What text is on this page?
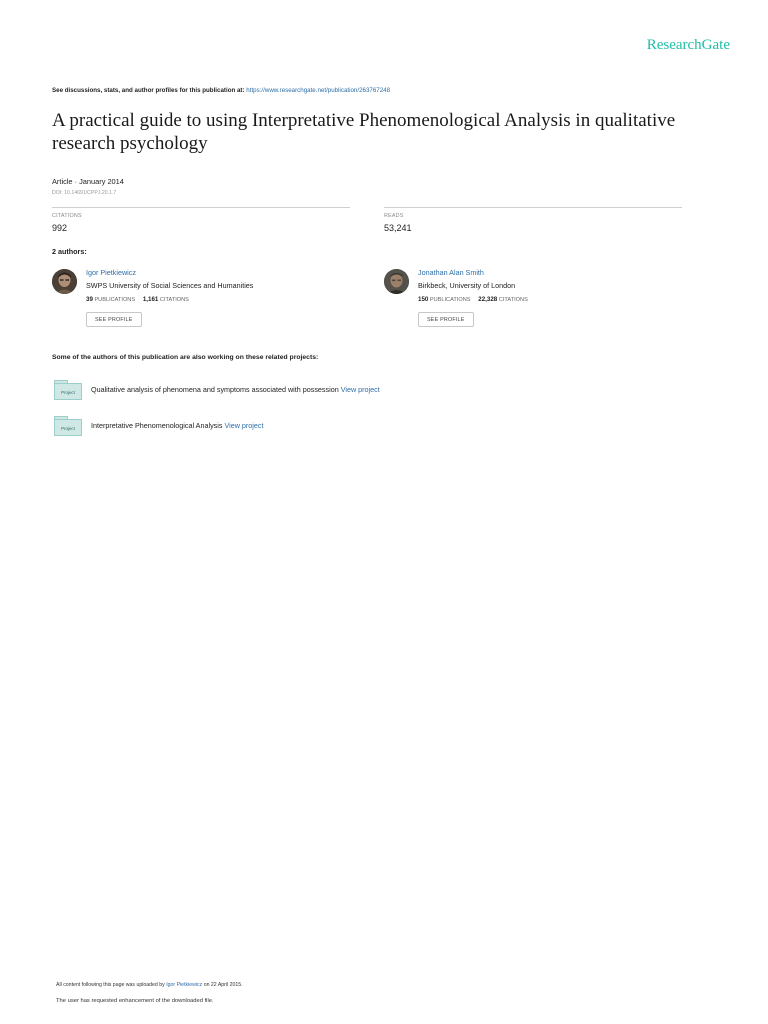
ResearchGate
See discussions, stats, and author profiles for this publication at: https://www.researchgate.net/publication/263767248
A practical guide to using Interpretative Phenomenological Analysis in qualitative research psychology
Article · January 2014
DOI: 10.14691/CPPJ.20.1.7
CITATIONS
992
READS
53,241
2 authors:
Igor Pietkiewicz
SWPS University of Social Sciences and Humanities
39 PUBLICATIONS 1,161 CITATIONS
SEE PROFILE
Jonathan Alan Smith
Birkbeck, University of London
150 PUBLICATIONS 22,328 CITATIONS
SEE PROFILE
Some of the authors of this publication are also working on these related projects:
Project	Qualitative analysis of phenomena and symptoms associated with possession View project
Project	Interpretative Phenomenological Analysis View project
All content following this page was uploaded by Igor Pietkiewicz on 22 April 2015.
The user has requested enhancement of the downloaded file.
